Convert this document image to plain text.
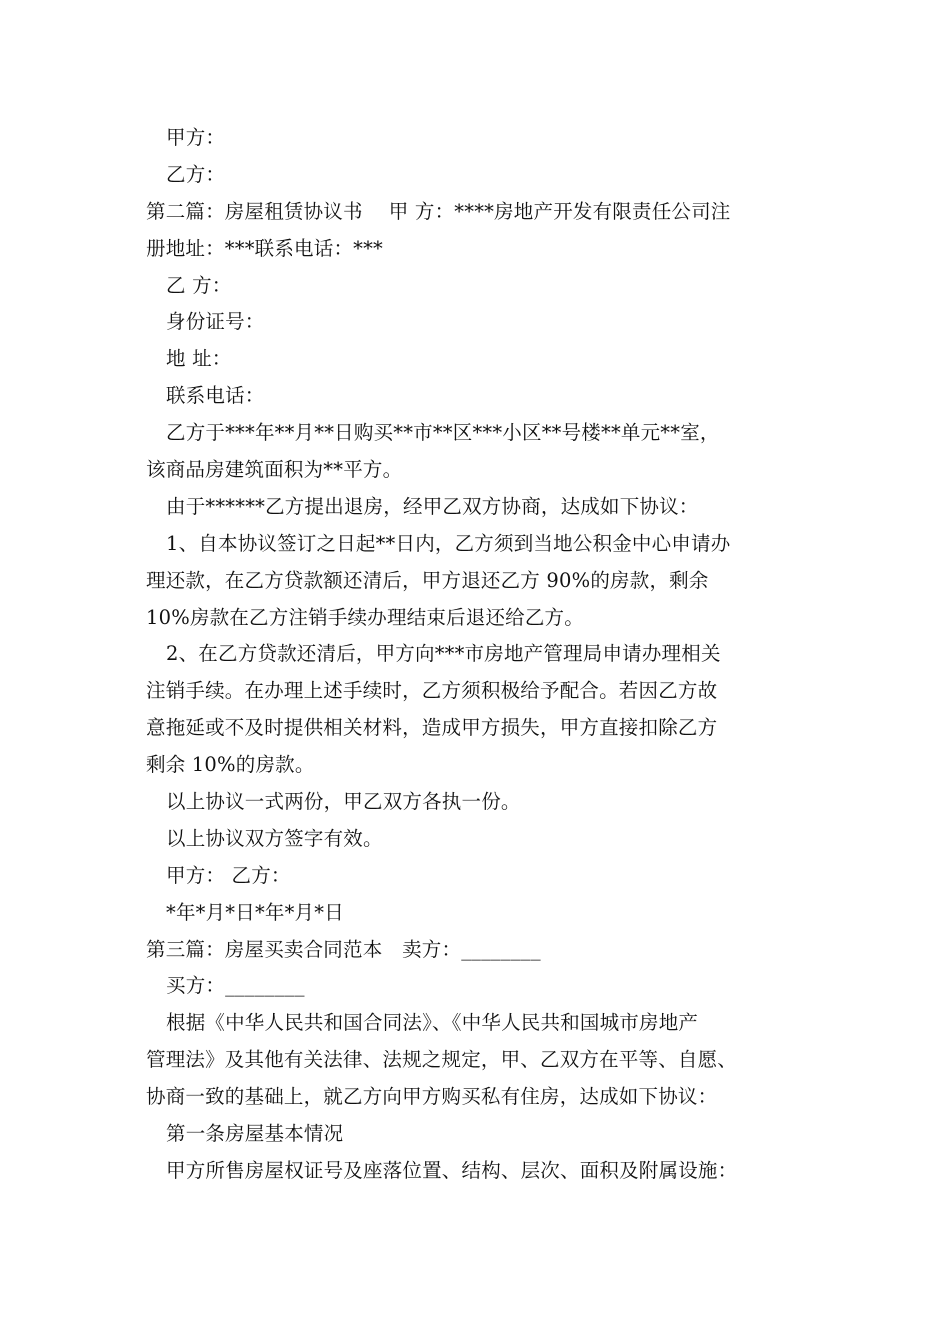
甲方：
乙方：
第二篇：房屋租赁协议书　 甲 方：****房地产开发有限责任公司注
册地址：***联系电话：***
乙 方：
身份证号：
地 址：
联系电话：
乙方于***年**月**日购买**市**区***小区**号楼**单元**室，
该商品房建筑面积为**平方。
由于******乙方提出退房，经甲乙双方协商，达成如下协议：
1、自本协议签订之日起**日内，乙方须到当地公积金中心申请办
理还款，在乙方贷款额还清后，甲方退还乙方 90%的房款，剩余
10%房款在乙方注销手续办理结束后退还给乙方。
2、在乙方贷款还清后，甲方向***市房地产管理局申请办理相关
注销手续。在办理上述手续时，乙方须积极给予配合。若因乙方故
意拖延或不及时提供相关材料，造成甲方损失，甲方直接扣除乙方
剩余 10%的房款。
以上协议一式两份，甲乙双方各执一份。
以上协议双方签字有效。
甲方： 乙方：
*年*月*日*年*月*日
第三篇：房屋买卖合同范本　卖方：________
买方：________
根据《中华人民共和国合同法》、《中华人民共和国城市房地产
管理法》及其他有关法律、法规之规定，甲、乙双方在平等、自愿、
协商一致的基础上，就乙方向甲方购买私有住房，达成如下协议：
第一条房屋基本情况
甲方所售房屋权证号及座落位置、结构、层次、面积及附属设施：
